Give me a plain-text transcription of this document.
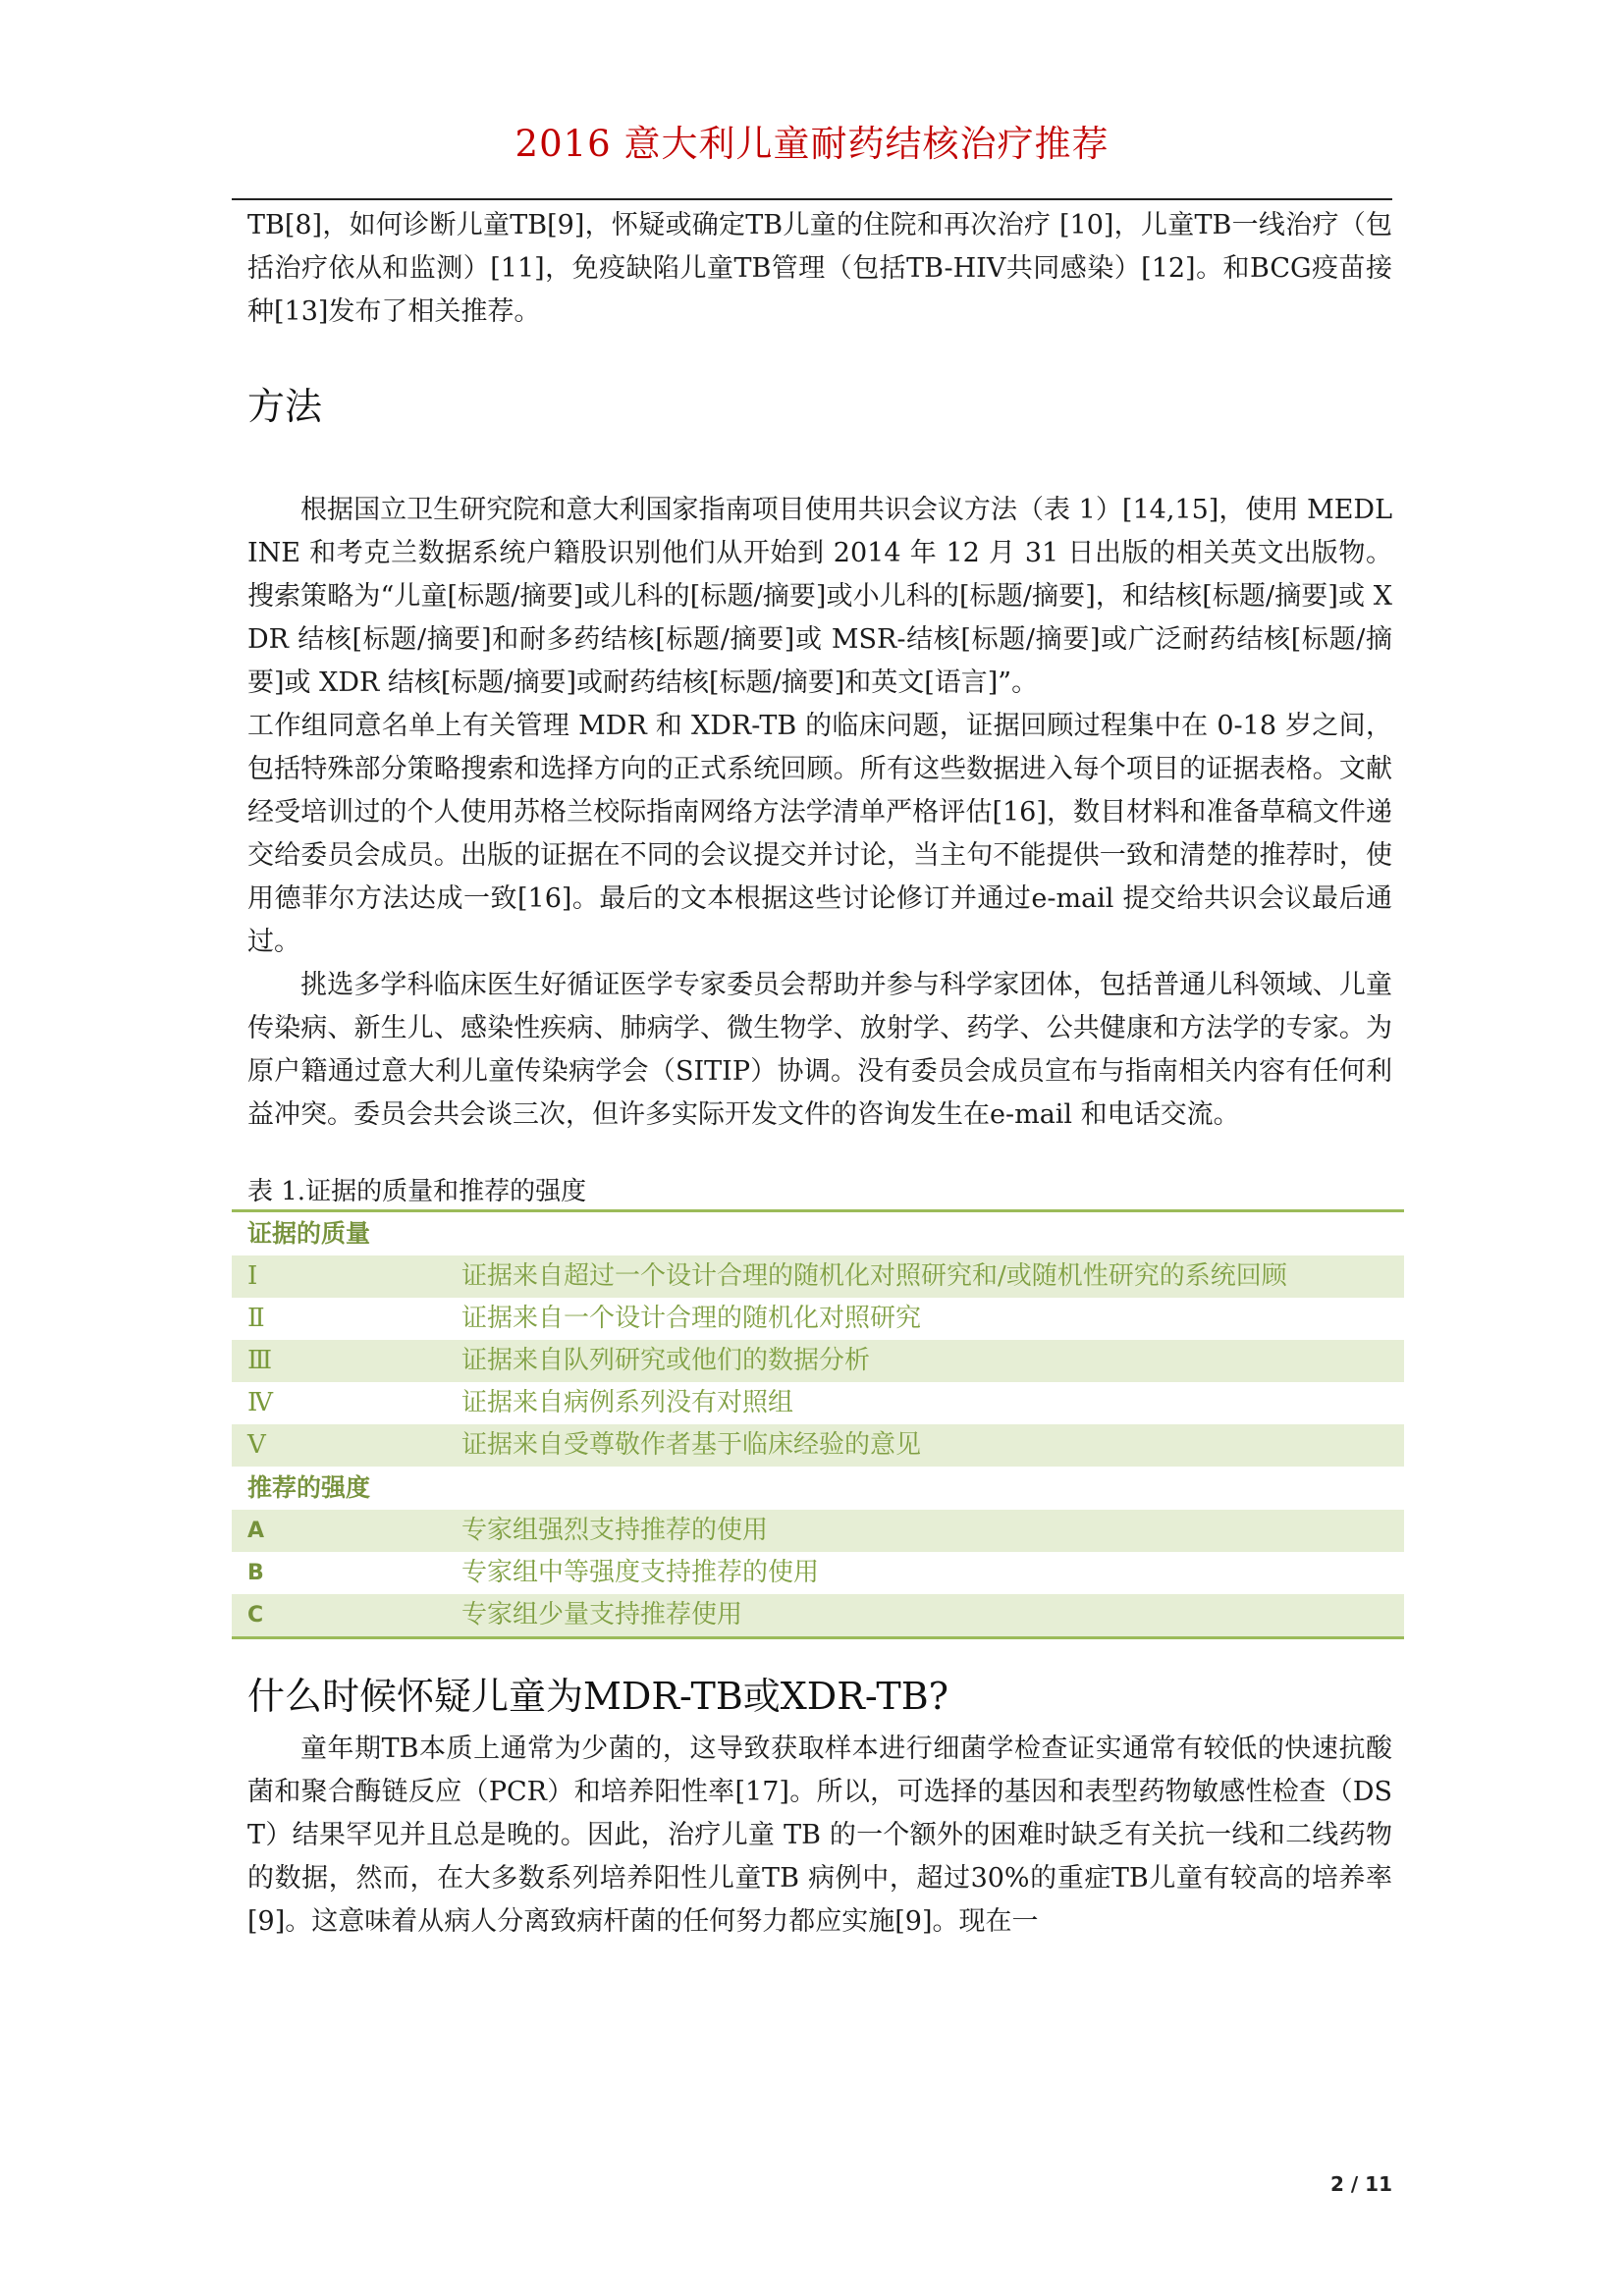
2016 意大利儿童耐药结核治疗推荐

TB[8]，如何诊断儿童TB[9]，怀疑或确定TB儿童的住院和再次治疗 [10]，儿童TB一线治疗（包括治疗依从和监测）[11]，免疫缺陷儿童TB管理（包括TB-HIV共同感染）[12]。和BCG疫苗接种[13]发布了相关推荐。

方法

根据国立卫生研究院和意大利国家指南项目使用共识会议方法（表 1）[14,15]，使用 MEDLINE 和考克兰数据系统户籍股识别他们从开始到 2014 年 12 月 31 日出版的相关英文出版物。搜索策略为“儿童[标题/摘要]或儿科的[标题/摘要]或小儿科的[标题/摘要]，和结核[标题/摘要]或 XDR 结核[标题/摘要]和耐多药结核[标题/摘要]或 MSR-结核[标题/摘要]或广泛耐药结核[标题/摘要]或 XDR 结核[标题/摘要]或耐药结核[标题/摘要]和英文[语言]”。

工作组同意名单上有关管理 MDR 和 XDR-TB 的临床问题，证据回顾过程集中在 0-18 岁之间，包括特殊部分策略搜索和选择方向的正式系统回顾。所有这些数据进入每个项目的证据表格。文献经受培训过的个人使用苏格兰校际指南网络方法学清单严格评估[16]，数目材料和准备草稿文件递交给委员会成员。出版的证据在不同的会议提交并讨论，当主句不能提供一致和清楚的推荐时，使用德菲尔方法达成一致[16]。最后的文本根据这些讨论修订并通过e-mail 提交给共识会议最后通过。

挑选多学科临床医生好循证医学专家委员会帮助并参与科学家团体，包括普通儿科领域、儿童传染病、新生儿、感染性疾病、肺病学、微生物学、放射学、药学、公共健康和方法学的专家。为原户籍通过意大利儿童传染病学会（SITIP）协调。没有委员会成员宣布与指南相关内容有任何利益冲突。委员会共会谈三次，但许多实际开发文件的咨询发生在e-mail 和电话交流。

表 1.证据的质量和推荐的强度

证据的质量	
Ⅰ	证据来自超过一个设计合理的随机化对照研究和/或随机性研究的系统回顾
Ⅱ	证据来自一个设计合理的随机化对照研究
Ⅲ	证据来自队列研究或他们的数据分析
Ⅳ	证据来自病例系列没有对照组
Ⅴ	证据来自受尊敬作者基于临床经验的意见
推荐的强度	
A	专家组强烈支持推荐的使用
B	专家组中等强度支持推荐的使用
C	专家组少量支持推荐使用
什么时候怀疑儿童为MDR-TB或XDR-TB?

童年期TB本质上通常为少菌的，这导致获取样本进行细菌学检查证实通常有较低的快速抗酸菌和聚合酶链反应（PCR）和培养阳性率[17]。所以，可选择的基因和表型药物敏感性检查（DST）结果罕见并且总是晚的。因此，治疗儿童 TB 的一个额外的困难时缺乏有关抗一线和二线药物的数据，然而，在大多数系列培养阳性儿童TB 病例中，超过30%的重症TB儿童有较高的培养率[9]。这意味着从病人分离致病杆菌的任何努力都应实施[9]。现在一

2 / 11
